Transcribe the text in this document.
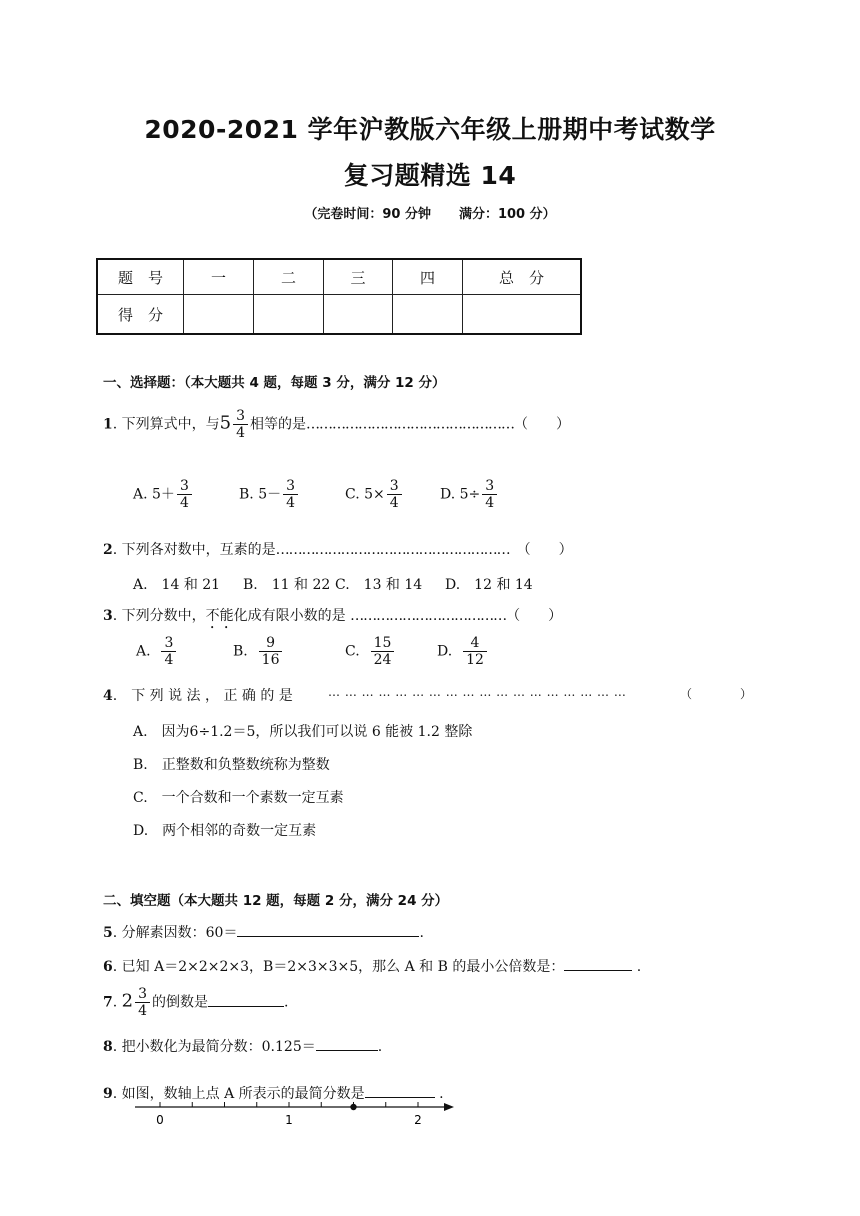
2020-2021 学年沪教版六年级上册期中考试数学
复习题精选 14
（完卷时间：90 分钟 满分：100 分）
题　号	一	二	三	四	总　分
得　分					
一、选择题：（本大题共 4 题，每题 3 分，满分 12 分）
1. 下列算式中，与$5 \frac{3}{4}$ 相等的是…………………………………………（　　）
A. $5+ \frac{3}{4}$	B. $5- \frac{3}{4}$	C. $5\times \frac{3}{4}$	D. $5\div \frac{3}{4}$
2. 下列各对数中，互素的是………………………………………………　 （　　）
A.　14 和 21 B.　11 和 22 C.　13 和 14 D.　12 和 14
3. 下列分数中，不能化成有限小数的是 ………………………………（　　）
A. $\frac{3}{4}$	B. $\frac{9}{16}$	C. $\frac{15}{24}$	D. $\frac{4}{12}$
4.　下 列 说 法 ， 正 确 的 是	… … … … … … … … … … … … … … … … … …	（　　　　）
A.　因为6÷1.2＝5，所以我们可以说 6 能被 1.2 整除
B.　正整数和负整数统称为整数
C.　一个合数和一个素数一定互素
D.　两个相邻的奇数一定互素
二、填空题（本大题共 12 题，每题 2 分，满分 24 分）
5. 分解素因数：60＝	.
6. 已知 A＝2×2×2×3，B＝2×3×3×5，那么 A 和 B 的最小公倍数是：	.
7. $2 \frac{3}{4}$ 的倒数是	.
8. 把小数化为最简分数：0.125＝	.
9. 如图，数轴上点 A 所表示的最简分数是	.
0	1	2
